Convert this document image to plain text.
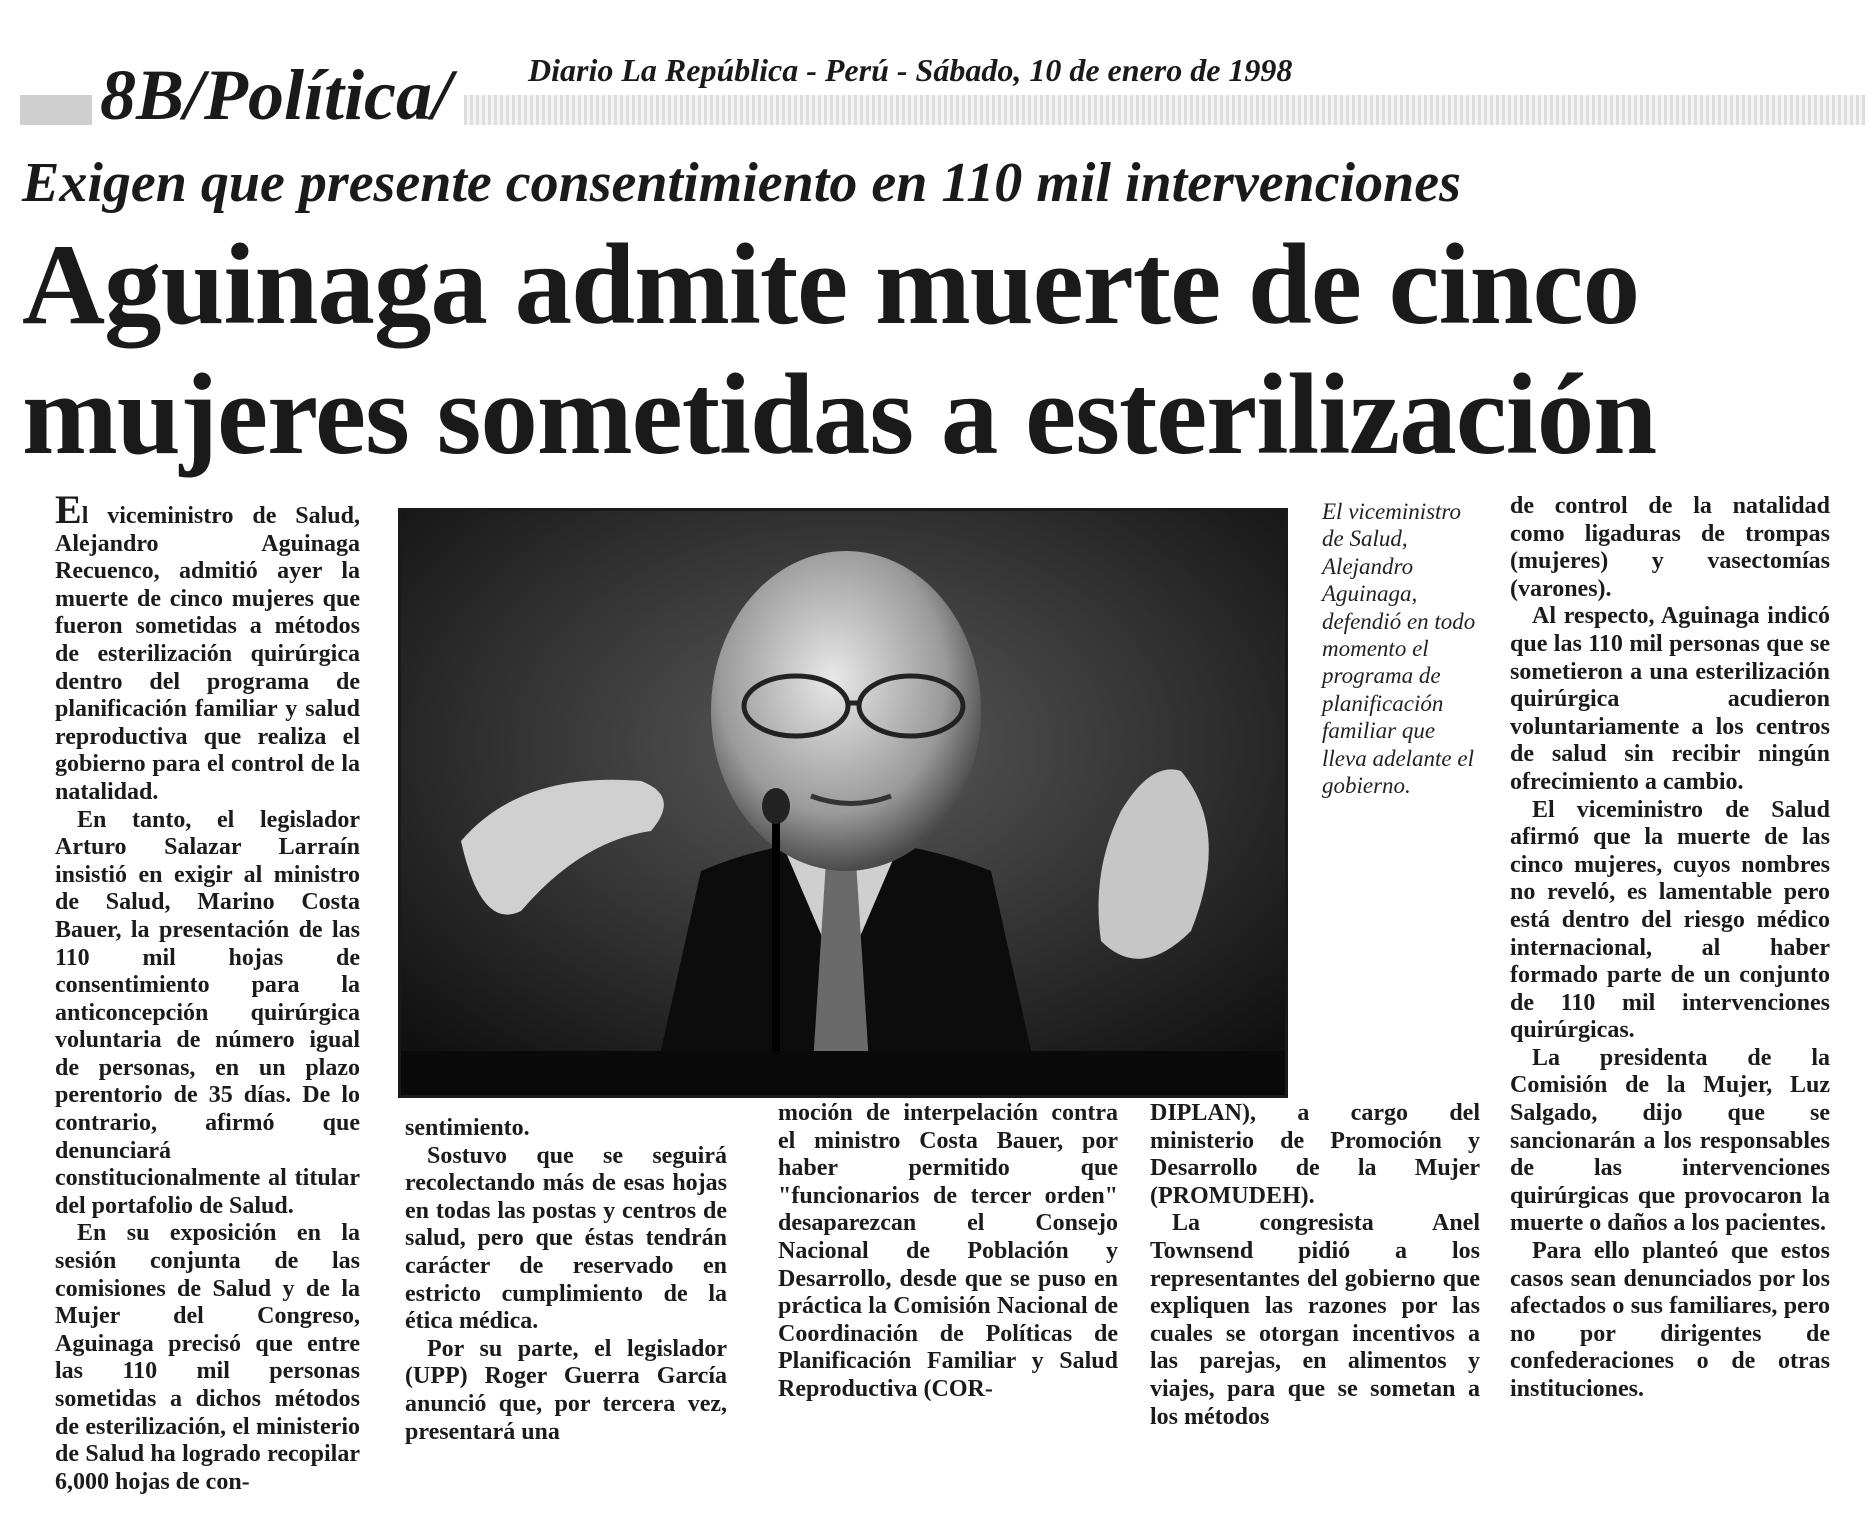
8B/Política/	Diario La República - Perú - Sábado, 10 de enero de 1998
Exigen que presente consentimiento en 110 mil intervenciones
Aguinaga admite muerte de cinco mujeres sometidas a esterilización

El viceministro de Salud, Alejandro Aguinaga Recuenco, admitió ayer la muerte de cinco mujeres que fueron sometidas a métodos de esterilización quirúrgica dentro del programa de planificación familiar y salud reproductiva que realiza el gobierno para el control de la natalidad.

En tanto, el legislador Arturo Salazar Larraín insistió en exigir al ministro de Salud, Marino Costa Bauer, la presentación de las 110 mil hojas de consentimiento para la anticoncepción quirúrgica voluntaria de número igual de personas, en un plazo perentorio de 35 días. De lo contrario, afirmó que denunciará constitucionalmente al titular del portafolio de Salud.

En su exposición en la sesión conjunta de las comisiones de Salud y de la Mujer del Congreso, Aguinaga precisó que entre las 110 mil personas sometidas a dichos métodos de esterilización, el ministerio de Salud ha logrado recopilar 6,000 hojas de con-

El viceministro de Salud, Alejandro Aguinaga, defendió en todo momento el programa de planificación familiar que lleva adelante el gobierno.

de control de la natalidad como ligaduras de trompas (mujeres) y vasectomías (varones).

Al respecto, Aguinaga indicó que las 110 mil personas que se sometieron a una esterilización quirúrgica acudieron voluntariamente a los centros de salud sin recibir ningún ofrecimiento a cambio.

El viceministro de Salud afirmó que la muerte de las cinco mujeres, cuyos nombres no reveló, es lamentable pero está dentro del riesgo médico internacional, al haber formado parte de un conjunto de 110 mil intervenciones quirúrgicas.

La presidenta de la Comisión de la Mujer, Luz Salgado, dijo que se sancionarán a los responsables de las intervenciones quirúrgicas que provocaron la muerte o daños a los pacientes.

Para ello planteó que estos casos sean denunciados por los afectados o sus familiares, pero no por dirigentes de confederaciones o de otras instituciones.

sentimiento.

Sostuvo que se seguirá recolectando más de esas hojas en todas las postas y centros de salud, pero que éstas tendrán carácter de reservado en estricto cumplimiento de la ética médica.

Por su parte, el legislador (UPP) Roger Guerra García anunció que, por tercera vez, presentará una

moción de interpelación contra el ministro Costa Bauer, por haber permitido que "funcionarios de tercer orden" desaparezcan el Consejo Nacional de Población y Desarrollo, desde que se puso en práctica la Comisión Nacional de Coordinación de Políticas de Planificación Familiar y Salud Reproductiva (COR-

DIPLAN), a cargo del ministerio de Promoción y Desarrollo de la Mujer (PROMUDEH).

La congresista Anel Townsend pidió a los representantes del gobierno que expliquen las razones por las cuales se otorgan incentivos a las parejas, en alimentos y viajes, para que se sometan a los métodos
